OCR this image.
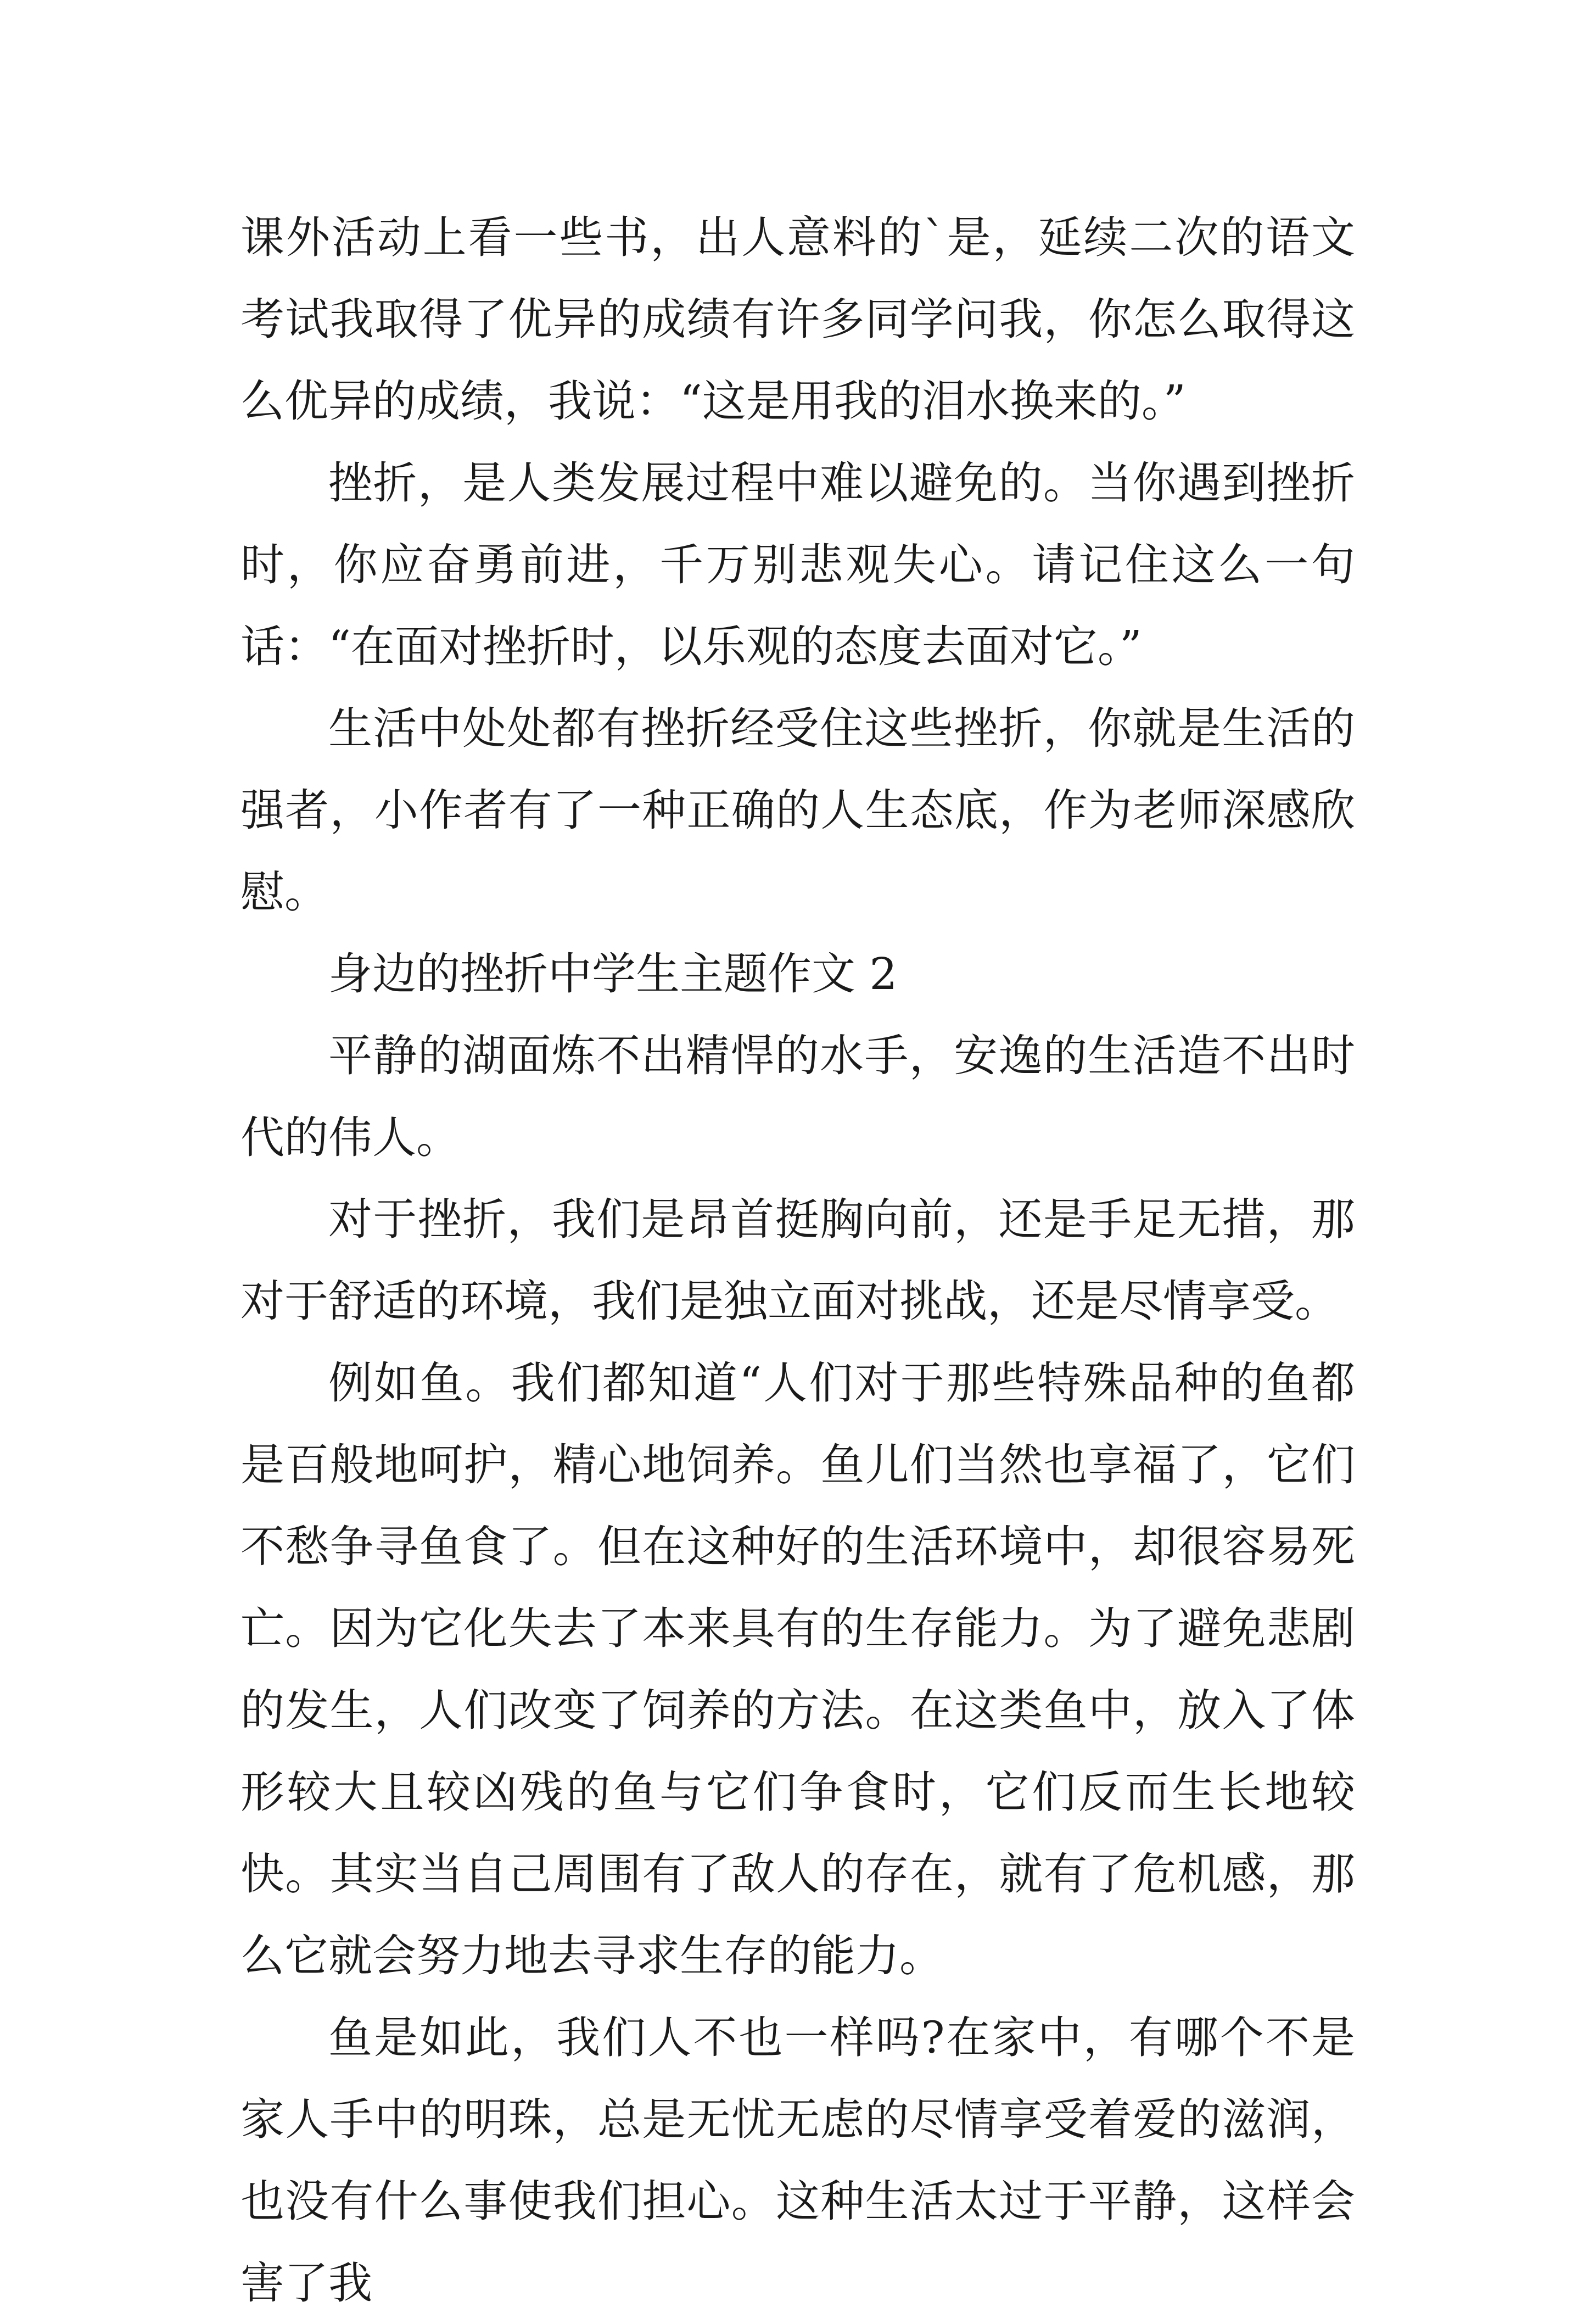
课外活动上看一些书，出人意料的`是，延续二次的语文考试我取得了优异的成绩有许多同学问我，你怎么取得这么优异的成绩，我说：“这是用我的泪水换来的。”

挫折，是人类发展过程中难以避免的。当你遇到挫折时，你应奋勇前进，千万别悲观失心。请记住这么一句话：“在面对挫折时，以乐观的态度去面对它。”

生活中处处都有挫折经受住这些挫折，你就是生活的强者，小作者有了一种正确的人生态底，作为老师深感欣慰。

身边的挫折中学生主题作文 2

平静的湖面炼不出精悍的水手，安逸的生活造不出时代的伟人。

对于挫折，我们是昂首挺胸向前，还是手足无措，那对于舒适的环境，我们是独立面对挑战，还是尽情享受。

例如鱼。我们都知道“人们对于那些特殊品种的鱼都是百般地呵护，精心地饲养。鱼儿们当然也享福了，它们不愁争寻鱼食了。但在这种好的生活环境中，却很容易死亡。因为它化失去了本来具有的生存能力。为了避免悲剧的发生，人们改变了饲养的方法。在这类鱼中，放入了体形较大且较凶残的鱼与它们争食时，它们反而生长地较快。其实当自己周围有了敌人的存在，就有了危机感，那么它就会努力地去寻求生存的能力。

鱼是如此，我们人不也一样吗?在家中，有哪个不是家人手中的明珠，总是无忧无虑的尽情享受着爱的滋润，也没有什么事使我们担心。这种生活太过于平静，这样会害了我
